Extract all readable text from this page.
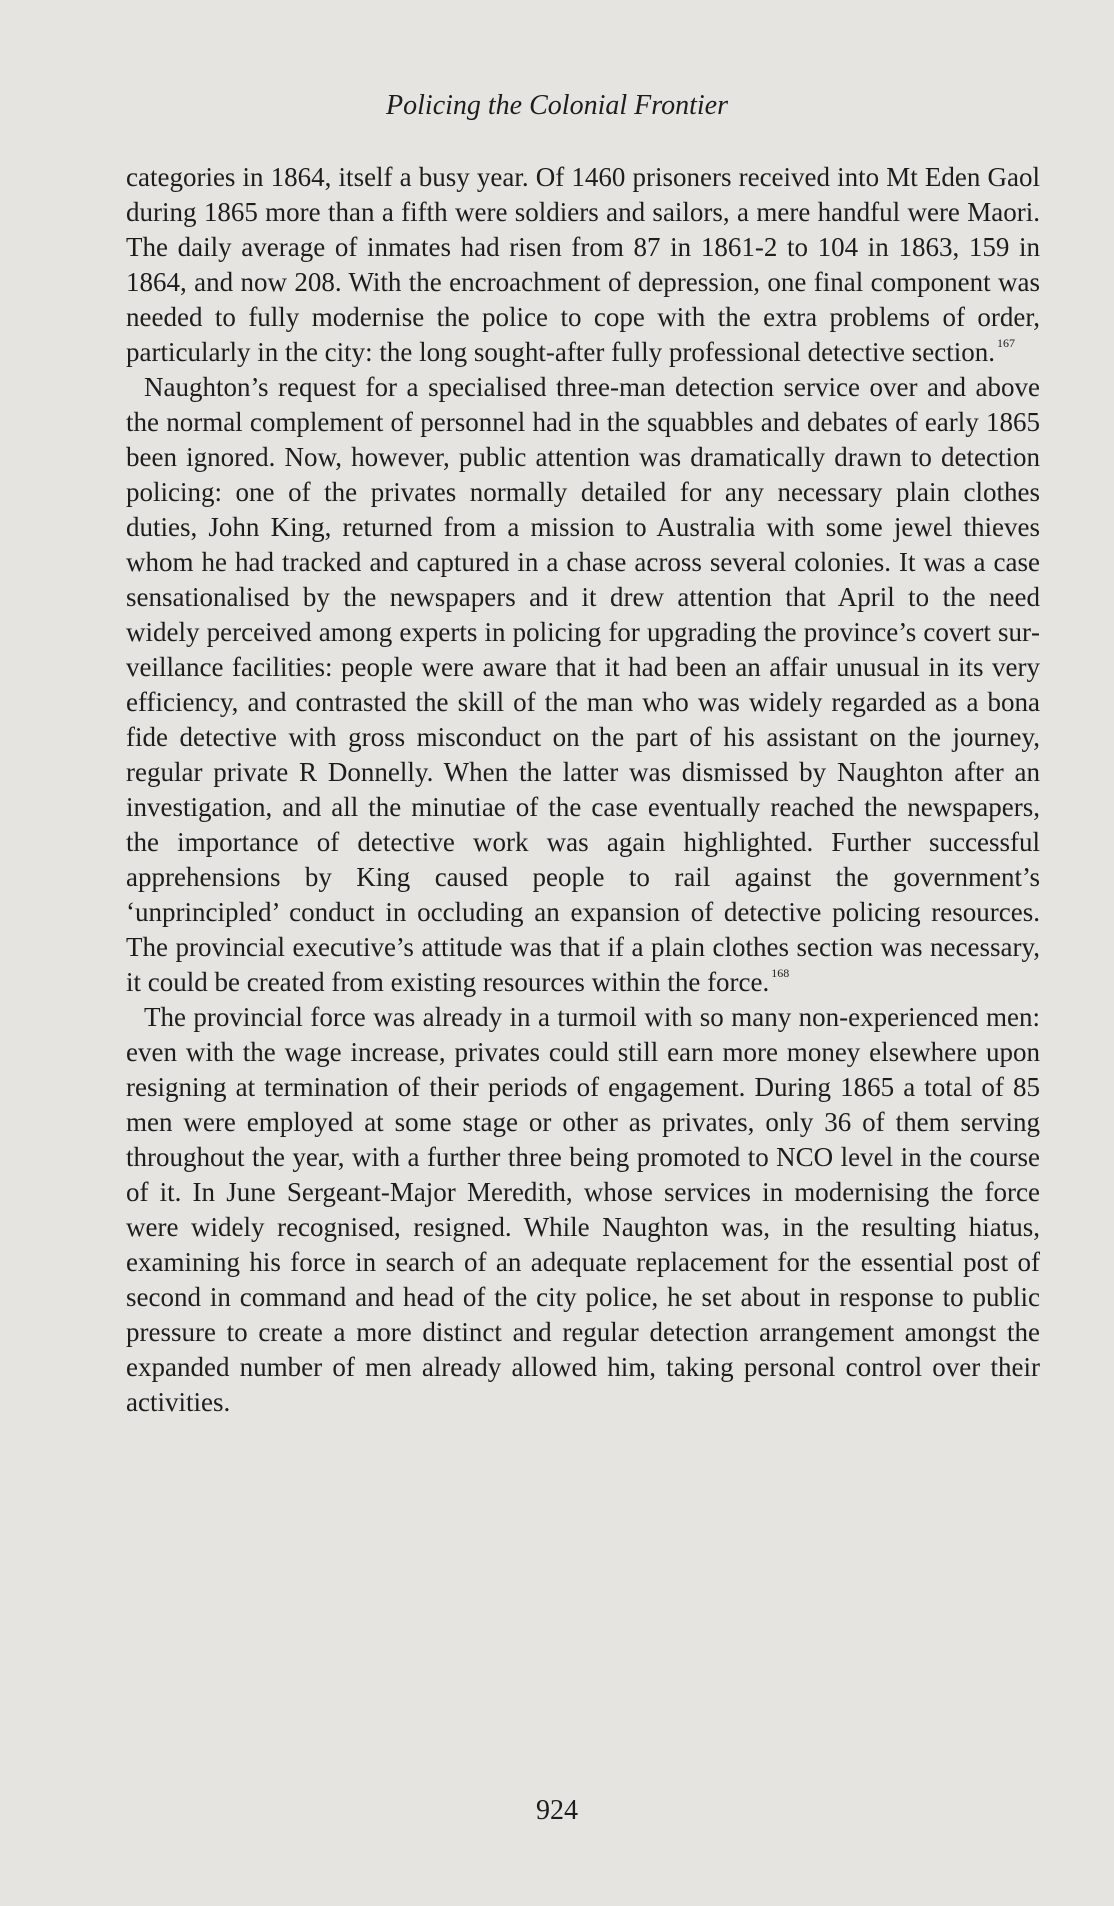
Policing the Colonial Frontier

categories in 1864, itself a busy year. Of 1460 prisoners received into Mt Eden Gaol during 1865 more than a fifth were soldiers and sailors, a mere handful were Maori. The daily average of inmates had risen from 87 in 1861-2 to 104 in 1863, 159 in 1864, and now 208. With the encroachment of depression, one final component was needed to fully modernise the police to cope with the extra problems of order, particularly in the city: the long sought-after fully professional detective section. $^{167}$

Naughton’s request for a specialised three-man detection service over and above the normal complement of personnel had in the squabbles and debates of early 1865 been ignored. Now, however, public attention was dramatically drawn to detection policing: one of the privates normally detailed for any necessary plain clothes duties, John King, returned from a mission to Australia with some jewel thieves whom he had tracked and captured in a chase across several colonies. It was a case sensationalised by the newspapers and it drew attention that April to the need widely perceived among experts in policing for upgrading the province’s covert surveillance facilities: people were aware that it had been an affair unusual in its very efficiency, and contrasted the skill of the man who was widely regarded as a bona fide detective with gross misconduct on the part of his assistant on the journey, regular private R Donnelly. When the latter was dismissed by Naughton after an investigation, and all the minutiae of the case eventually reached the newspapers, the importance of detective work was again highlighted. Further successful apprehensions by King caused people to rail against the government’s ‘unprincipled’ conduct in occluding an expansion of detective policing resources. The provincial executive’s attitude was that if a plain clothes section was necessary, it could be created from existing resources within the force. $^{168}$

The provincial force was already in a turmoil with so many non-experienced men: even with the wage increase, privates could still earn more money elsewhere upon resigning at termination of their periods of engagement. During 1865 a total of 85 men were employed at some stage or other as privates, only 36 of them serving throughout the year, with a further three being promoted to NCO level in the course of it. In June Sergeant-Major Meredith, whose services in modernising the force were widely recognised, resigned. While Naughton was, in the resulting hiatus, examining his force in search of an adequate replacement for the essential post of second in command and head of the city police, he set about in response to public pressure to create a more distinct and regular detection arrangement amongst the expanded number of men already allowed him, taking personal control over their activities.

924
